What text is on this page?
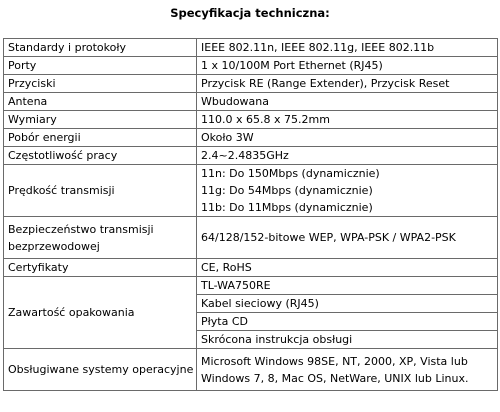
Specyfikacja techniczna:
Standardy i protokoły	IEEE 802.11n, IEEE 802.11g, IEEE 802.11b
Porty	1 x 10/100M Port Ethernet (RJ45)
Przyciski	Przycisk RE (Range Extender), Przycisk Reset
Antena	Wbudowana
Wymiary	110.0 x 65.8 x 75.2mm
Pobór energii	Około 3W
Częstotliwość pracy	2.4~2.4835GHz
Prędkość transmisji	11n: Do 150Mbps (dynamicznie)
	11g: Do 54Mbps (dynamicznie)
	11b: Do 11Mbps (dynamicznie)
Bezpieczeństwo transmisji bezprzewodowej	64/128/152-bitowe WEP, WPA-PSK / WPA2-PSK
Certyfikaty	CE, RoHS
Zawartość opakowania	TL-WA750RE
	Kabel sieciowy (RJ45)
	Płyta CD
	Skrócona instrukcja obsługi
Obsługiwane systemy operacyjne	Microsoft Windows 98SE, NT, 2000, XP, Vista lub Windows 7, 8, Mac OS, NetWare, UNIX lub Linux.
